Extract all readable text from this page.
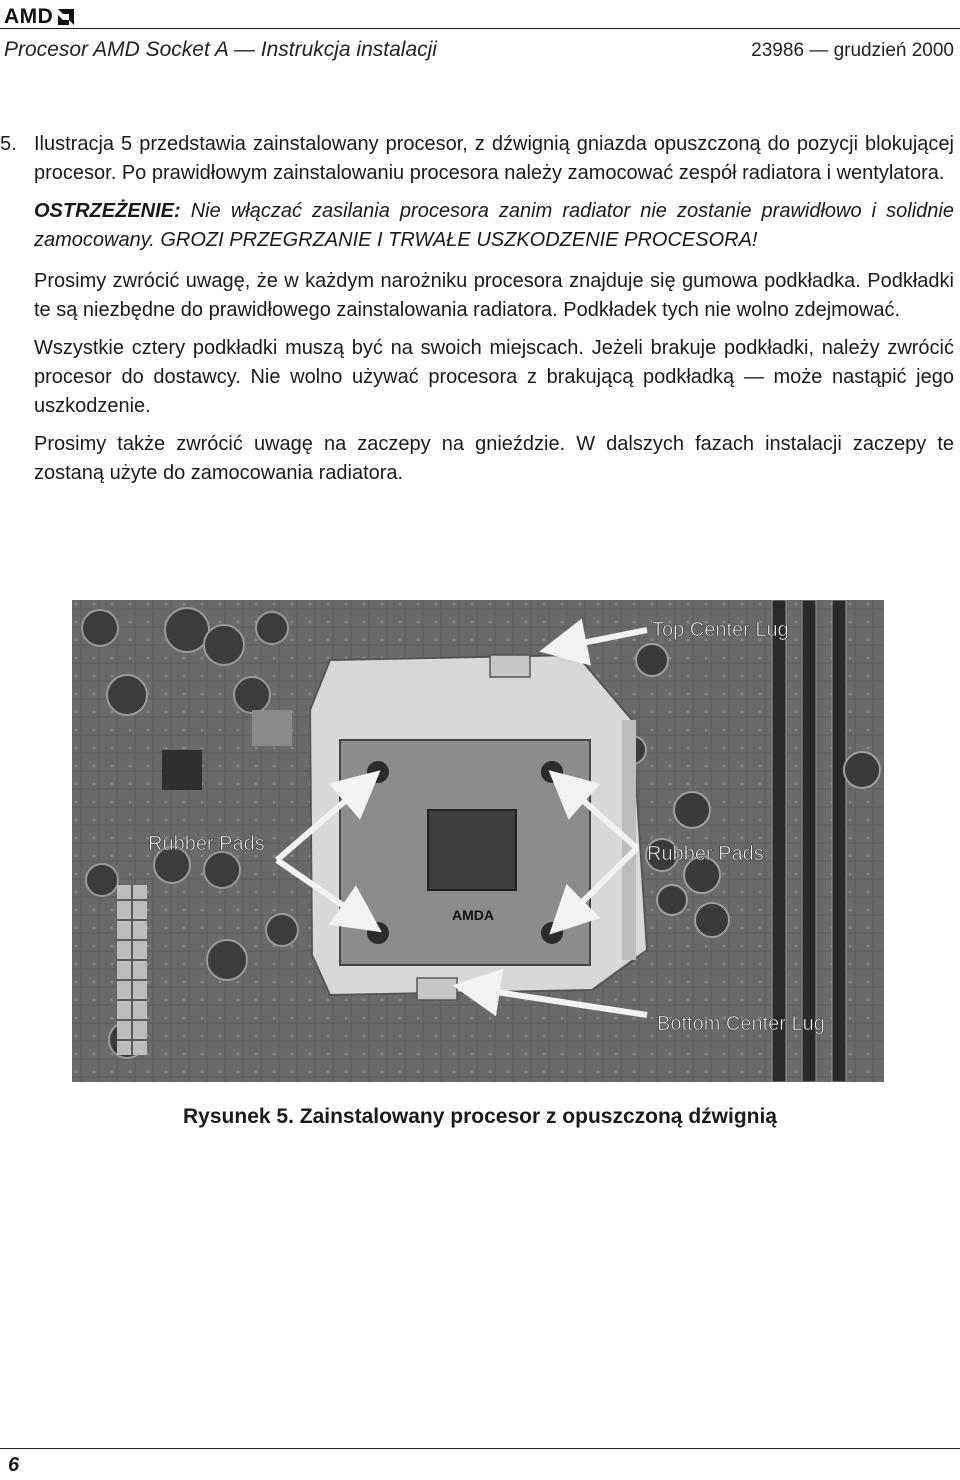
AMD
Procesor AMD Socket A — Instrukcja instalacji	23986 — grudzień 2000

5. Ilustracja 5 przedstawia zainstalowany procesor, z dźwignią gniazda opuszczoną do pozycji blokującej procesor. Po prawidłowym zainstalowaniu procesora należy zamocować zespół radiatora i wentylatora.

OSTRZEŻENIE: Nie włączać zasilania procesora zanim radiator nie zostanie prawidłowo i solidnie zamocowany. GROZI PRZEGRZANIE I TRWAŁE USZKODZENIE PROCESORA!

Prosimy zwrócić uwagę, że w każdym narożniku procesora znajduje się gumowa podkładka. Podkładki te są niezbędne do prawidłowego zainstalowania radiatora. Podkładek tych nie wolno zdejmować.

Wszystkie cztery podkładki muszą być na swoich miejscach. Jeżeli brakuje podkładki, należy zwrócić procesor do dostawcy. Nie wolno używać procesora z brakującą podkładką — może nastąpić jego uszkodzenie.

Prosimy także zwrócić uwagę na zaczepy na gnieździe. W dalszych fazach instalacji zaczepy te zostaną użyte do zamocowania radiatora.

AMDA
Top Center Lug
Rubber Pads	Rubber Pads
Bottom Center Lug
Rysunek 5. Zainstalowany procesor z opuszczoną dźwignią
6
